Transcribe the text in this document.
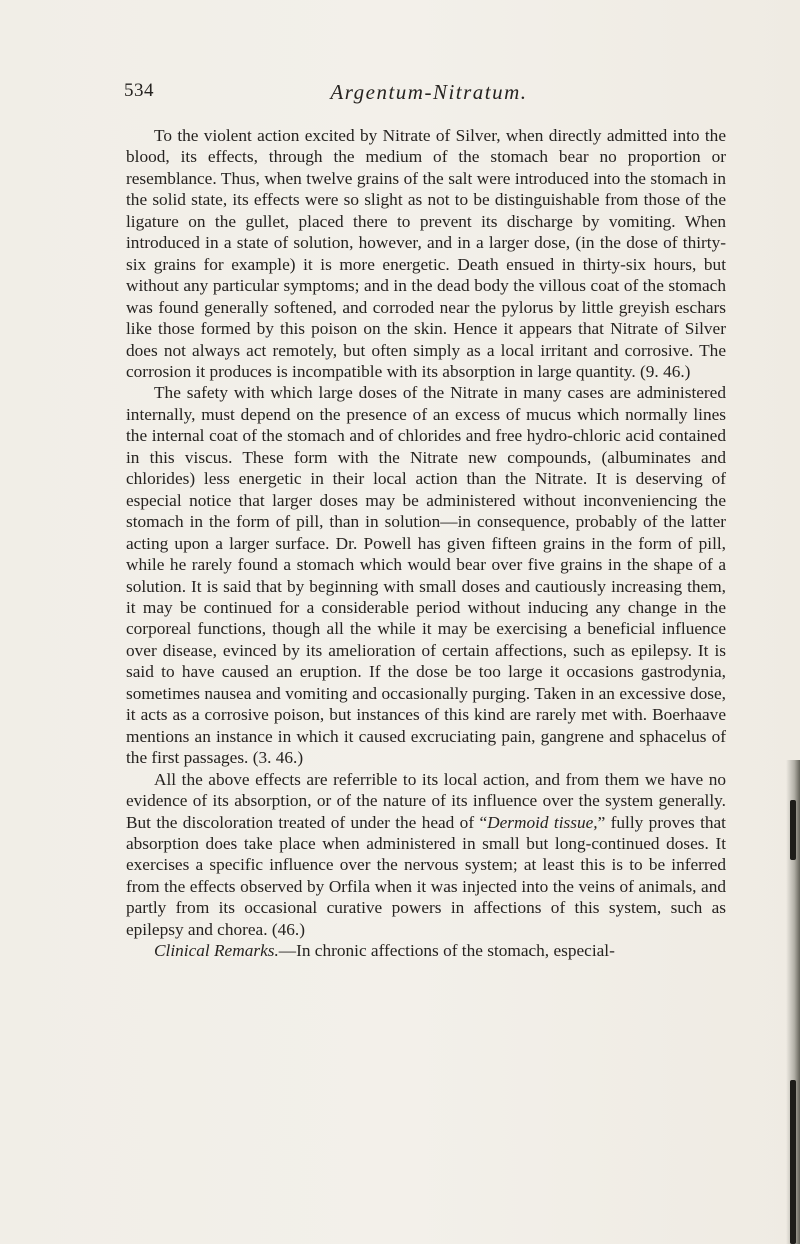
534	Argentum-Nitratum.

To the violent action excited by Nitrate of Silver, when directly admitted into the blood, its effects, through the medium of the stomach bear no proportion or resemblance. Thus, when twelve grains of the salt were introduced into the stomach in the solid state, its effects were so slight as not to be distinguishable from those of the ligature on the gullet, placed there to prevent its discharge by vomiting. When introduced in a state of solution, however, and in a larger dose, (in the dose of thirty-six grains for example) it is more energetic. Death ensued in thirty-six hours, but without any particular symptoms; and in the dead body the villous coat of the stomach was found generally softened, and corroded near the pylorus by little greyish eschars like those formed by this poison on the skin. Hence it appears that Nitrate of Silver does not always act remotely, but often simply as a local irritant and corrosive. The corrosion it produces is incompatible with its absorption in large quantity. (9. 46.)

The safety with which large doses of the Nitrate in many cases are administered internally, must depend on the presence of an excess of mucus which normally lines the internal coat of the stomach and of chlorides and free hydro-chloric acid contained in this viscus. These form with the Nitrate new compounds, (albuminates and chlorides) less energetic in their local action than the Nitrate. It is deserving of especial notice that larger doses may be administered without inconveniencing the stomach in the form of pill, than in solution—in consequence, probably of the latter acting upon a larger surface. Dr. Powell has given fifteen grains in the form of pill, while he rarely found a stomach which would bear over five grains in the shape of a solution. It is said that by beginning with small doses and cautiously increasing them, it may be continued for a considerable period without inducing any change in the corporeal functions, though all the while it may be exercising a beneficial influence over disease, evinced by its amelioration of certain affections, such as epilepsy. It is said to have caused an eruption. If the dose be too large it occasions gastrodynia, sometimes nausea and vomiting and occasionally purging. Taken in an excessive dose, it acts as a corrosive poison, but instances of this kind are rarely met with. Boerhaave mentions an instance in which it caused excruciating pain, gangrene and sphacelus of the first passages. (3. 46.)

All the above effects are referrible to its local action, and from them we have no evidence of its absorption, or of the nature of its influence over the system generally. But the discoloration treated of under the head of “Dermoid tissue,” fully proves that absorption does take place when administered in small but long-continued doses. It exercises a specific influence over the nervous system; at least this is to be inferred from the effects observed by Orfila when it was injected into the veins of animals, and partly from its occasional curative powers in affections of this system, such as epilepsy and chorea. (46.)

Clinical Remarks.—In chronic affections of the stomach, especial-
